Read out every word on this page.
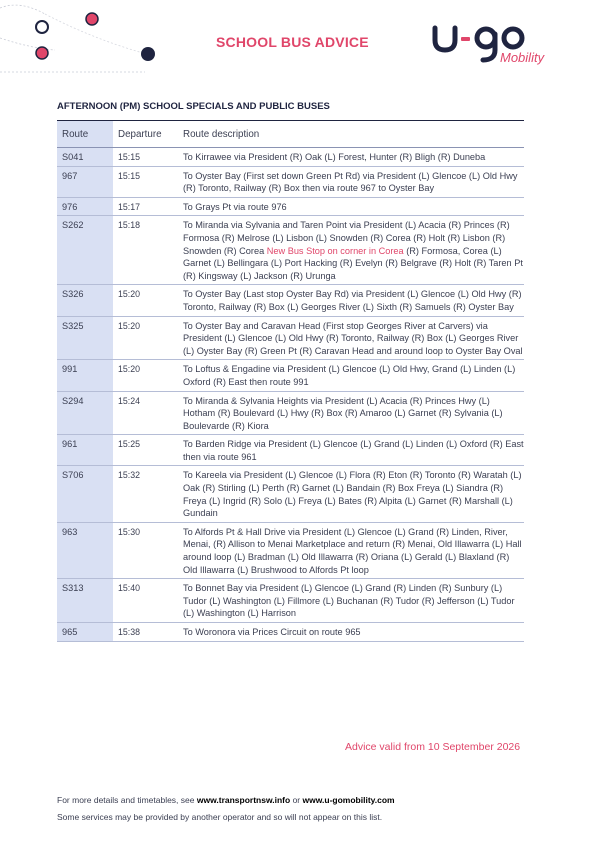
SCHOOL BUS ADVICE
Mobility
AFTERNOON (PM) SCHOOL SPECIALS AND PUBLIC BUSES
Route	Departure	Route description
S041	15:15	To Kirrawee via President (R) Oak (L) Forest, Hunter (R) Bligh (R) Duneba
967	15:15	To Oyster Bay (First set down Green Pt Rd) via President (L) Glencoe (L) Old Hwy (R) Toronto, Railway (R) Box then via route 967 to Oyster Bay
976	15:17	To Grays Pt via route 976
S262	15:18	To Miranda via Sylvania and Taren Point via President (L) Acacia (R) Princes (R) Formosa (R) Melrose (L) Lisbon (L) Snowden (R) Corea (R) Holt (R) Lisbon (R) Snowden (R) Corea New Bus Stop on corner in Corea (R) Formosa, Corea (L) Garnet (L) Bellingara (L) Port Hacking (R) Evelyn (R) Belgrave (R) Holt (R) Taren Pt (R) Kingsway (L) Jackson (R) Urunga
S326	15:20	To Oyster Bay (Last stop Oyster Bay Rd) via President (L) Glencoe (L) Old Hwy (R) Toronto, Railway (R) Box (L) Georges River (L) Sixth (R) Samuels (R) Oyster Bay
S325	15:20	To Oyster Bay and Caravan Head (First stop Georges River at Carvers) via President (L) Glencoe (L) Old Hwy (R) Toronto, Railway (R) Box (L) Georges River (L) Oyster Bay (R) Green Pt (R) Caravan Head and around loop to Oyster Bay Oval
991	15:20	To Loftus & Engadine via President (L) Glencoe (L) Old Hwy, Grand (L) Linden (L) Oxford (R) East then route 991
S294	15:24	To Miranda & Sylvania Heights via President (L) Acacia (R) Princes Hwy (L) Hotham (R) Boulevard (L) Hwy (R) Box (R) Amaroo (L) Garnet (R) Sylvania (L) Boulevarde (R) Kiora
961	15:25	To Barden Ridge via President (L) Glencoe (L) Grand (L) Linden (L) Oxford (R) East then via route 961
S706	15:32	To Kareela via President (L) Glencoe (L) Flora (R) Eton (R) Toronto (R) Waratah (L) Oak (R) Stirling (L) Perth (R) Garnet (L) Bandain (R) Box Freya (L) Siandra (R) Freya (L) Ingrid (R) Solo (L) Freya (L) Bates (R) Alpita (L) Garnet (R) Marshall (L) Gundain
963	15:30	To Alfords Pt & Hall Drive via President (L) Glencoe (L) Grand (R) Linden, River, Menai, (R) Allison to Menai Marketplace and return (R) Menai, Old Illawarra (L) Hall around loop (L) Bradman (L) Old Illawarra (R) Oriana (L) Gerald (L) Blaxland (R) Old Illawarra (L) Brushwood to Alfords Pt loop
S313	15:40	To Bonnet Bay via President (L) Glencoe (L) Grand (R) Linden (R) Sunbury (L) Tudor (L) Washington (L) Fillmore (L) Buchanan (R) Tudor (R) Jefferson (L) Tudor (L) Washington (L) Harrison
965	15:38	To Woronora via Prices Circuit on route 965
Advice valid from 10 September 2026
For more details and timetables, see www.transportnsw.info or www.u-gomobility.com
Some services may be provided by another operator and so will not appear on this list.
